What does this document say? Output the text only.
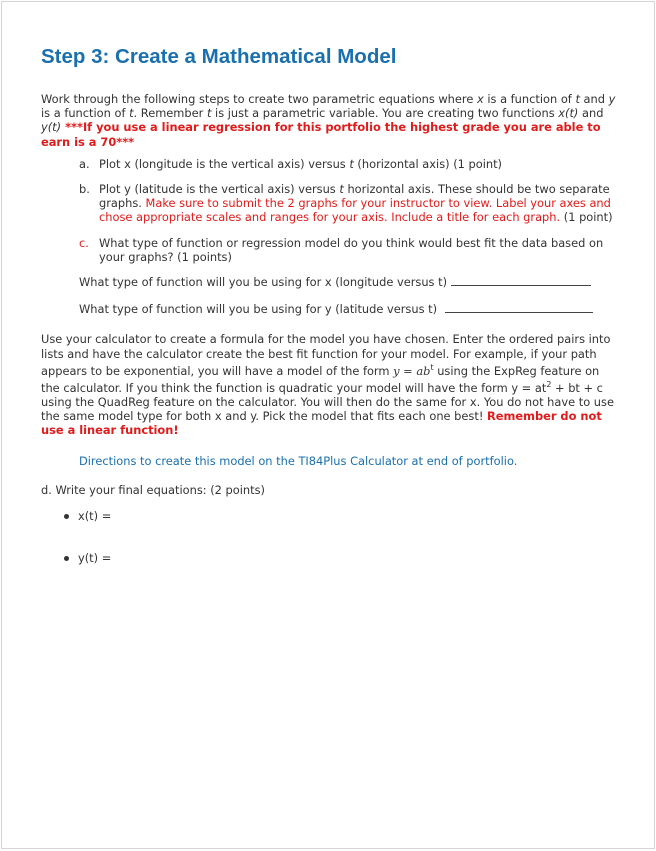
Step 3: Create a Mathematical Model

Work through the following steps to create two parametric equations where x is a function of t and y is a function of t. Remember t is just a parametric variable. You are creating two functions x(t) and y(t) ***If you use a linear regression for this portfolio the highest grade you are able to earn is a 70***

a. Plot x (longitude is the vertical axis) versus t (horizontal axis) (1 point)
b. Plot y (latitude is the vertical axis) versus t horizontal axis. These should be two separate graphs. Make sure to submit the 2 graphs for your instructor to view. Label your axes and chose appropriate scales and ranges for your axis. Include a title for each graph. (1 point)
c. What type of function or regression model do you think would best fit the data based on your graphs? (1 points)

What type of function will you be using for x (longitude versus t)

What type of function will you be using for y (latitude versus t)

Use your calculator to create a formula for the model you have chosen. Enter the ordered pairs into lists and have the calculator create the best fit function for your model. For example, if your path appears to be exponential, you will have a model of the form $y = ab^t$ using the ExpReg feature on the calculator. If you think the function is quadratic your model will have the form $y = at^2$ + bt + c using the QuadReg feature on the calculator. You will then do the same for x. You do not have to use the same model type for both x and y. Pick the model that fits each one best! Remember do not use a linear function!

Directions to create this model on the TI84Plus Calculator at end of portfolio.

d. Write your final equations: (2 points)

x(t) =
y(t) =
